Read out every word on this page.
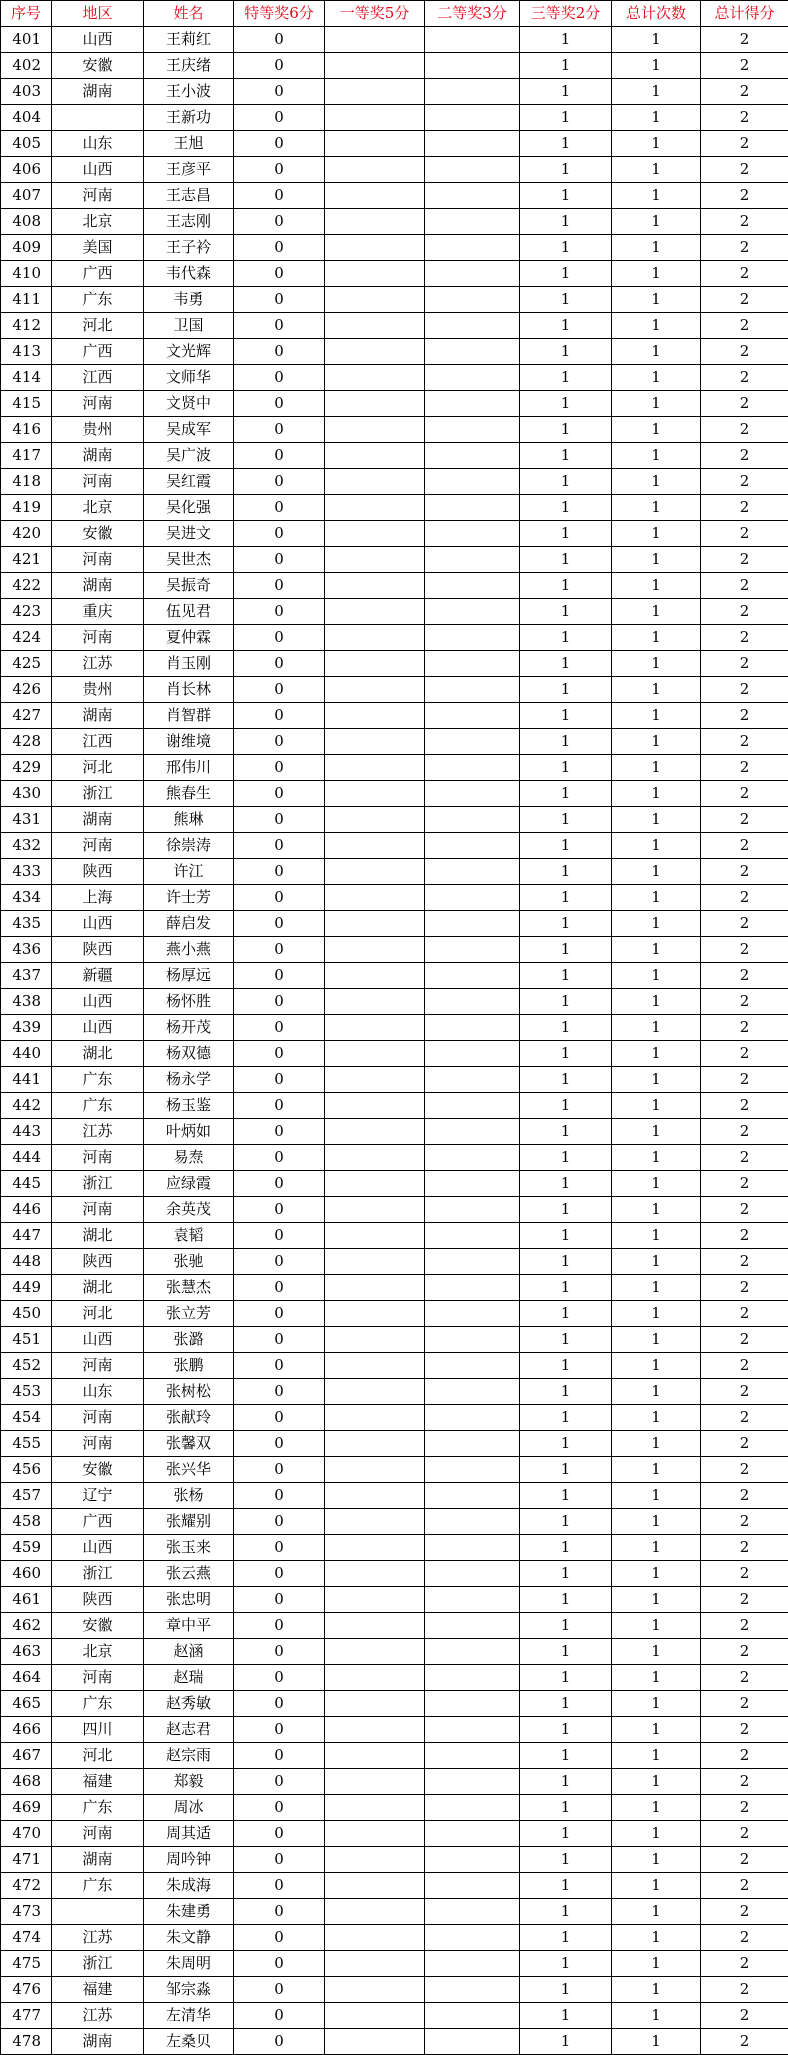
序号	地区	姓名	特等奖6分	一等奖5分	二等奖3分	三等奖2分	总计次数	总计得分
401	山西	王莉红	0			1	1	2
402	安徽	王庆绪	0			1	1	2
403	湖南	王小波	0			1	1	2
404		王新功	0			1	1	2
405	山东	王旭	0			1	1	2
406	山西	王彦平	0			1	1	2
407	河南	王志昌	0			1	1	2
408	北京	王志刚	0			1	1	2
409	美国	王子衿	0			1	1	2
410	广西	韦代森	0			1	1	2
411	广东	韦勇	0			1	1	2
412	河北	卫国	0			1	1	2
413	广西	文光辉	0			1	1	2
414	江西	文师华	0			1	1	2
415	河南	文贤中	0			1	1	2
416	贵州	吴成军	0			1	1	2
417	湖南	吴广波	0			1	1	2
418	河南	吴红霞	0			1	1	2
419	北京	吴化强	0			1	1	2
420	安徽	吴进文	0			1	1	2
421	河南	吴世杰	0			1	1	2
422	湖南	吴振奇	0			1	1	2
423	重庆	伍见君	0			1	1	2
424	河南	夏仲霖	0			1	1	2
425	江苏	肖玉刚	0			1	1	2
426	贵州	肖长林	0			1	1	2
427	湖南	肖智群	0			1	1	2
428	江西	谢维境	0			1	1	2
429	河北	邢伟川	0			1	1	2
430	浙江	熊春生	0			1	1	2
431	湖南	熊琳	0			1	1	2
432	河南	徐崇涛	0			1	1	2
433	陕西	许江	0			1	1	2
434	上海	许士芳	0			1	1	2
435	山西	薛启发	0			1	1	2
436	陕西	燕小燕	0			1	1	2
437	新疆	杨厚远	0			1	1	2
438	山西	杨怀胜	0			1	1	2
439	山西	杨开茂	0			1	1	2
440	湖北	杨双德	0			1	1	2
441	广东	杨永学	0			1	1	2
442	广东	杨玉鉴	0			1	1	2
443	江苏	叶炳如	0			1	1	2
444	河南	易焘	0			1	1	2
445	浙江	应绿霞	0			1	1	2
446	河南	余英茂	0			1	1	2
447	湖北	袁韬	0			1	1	2
448	陕西	张驰	0			1	1	2
449	湖北	张慧杰	0			1	1	2
450	河北	张立芳	0			1	1	2
451	山西	张潞	0			1	1	2
452	河南	张鹏	0			1	1	2
453	山东	张树松	0			1	1	2
454	河南	张献玲	0			1	1	2
455	河南	张馨双	0			1	1	2
456	安徽	张兴华	0			1	1	2
457	辽宁	张杨	0			1	1	2
458	广西	张耀别	0			1	1	2
459	山西	张玉来	0			1	1	2
460	浙江	张云燕	0			1	1	2
461	陕西	张忠明	0			1	1	2
462	安徽	章中平	0			1	1	2
463	北京	赵涵	0			1	1	2
464	河南	赵瑞	0			1	1	2
465	广东	赵秀敏	0			1	1	2
466	四川	赵志君	0			1	1	2
467	河北	赵宗雨	0			1	1	2
468	福建	郑毅	0			1	1	2
469	广东	周冰	0			1	1	2
470	河南	周其适	0			1	1	2
471	湖南	周吟钟	0			1	1	2
472	广东	朱成海	0			1	1	2
473		朱建勇	0			1	1	2
474	江苏	朱文静	0			1	1	2
475	浙江	朱周明	0			1	1	2
476	福建	邹宗淼	0			1	1	2
477	江苏	左清华	0			1	1	2
478	湖南	左桑贝	0			1	1	2
